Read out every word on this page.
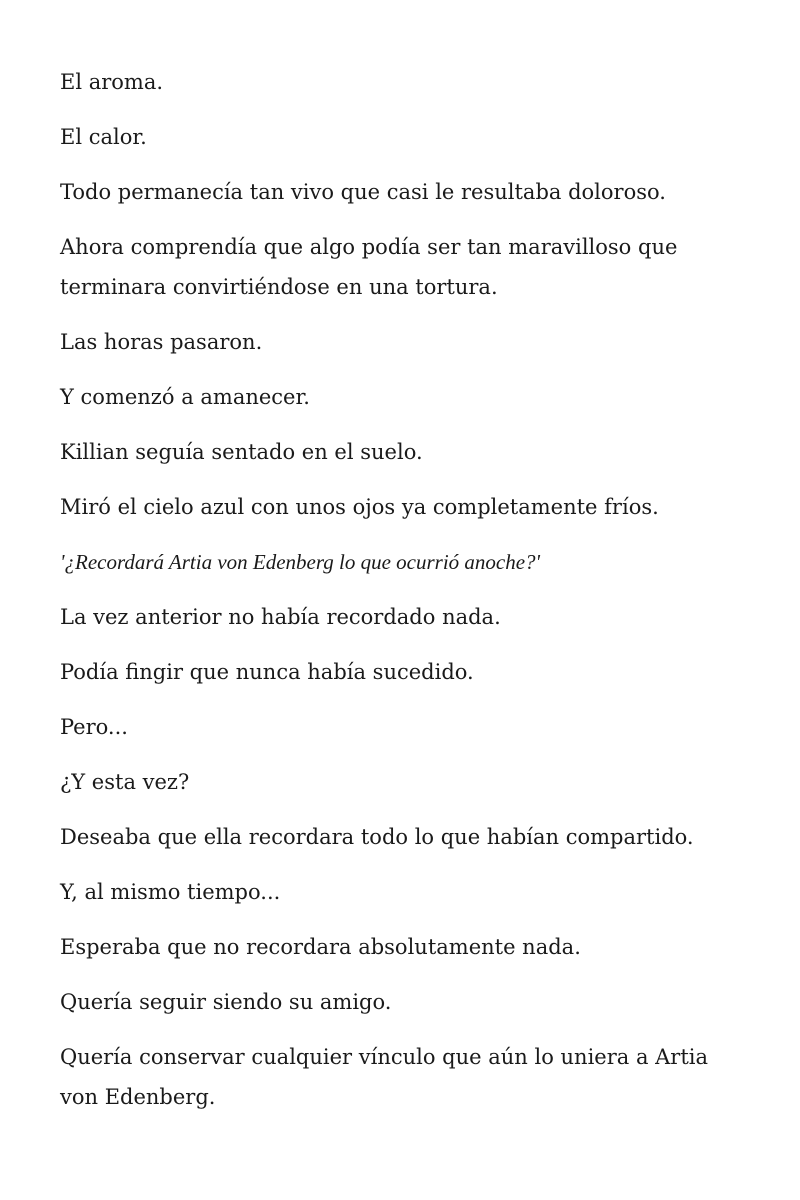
El aroma.

El calor.

Todo permanecía tan vivo que casi le resultaba doloroso.

Ahora comprendía que algo podía ser tan maravilloso que terminara convirtiéndose en una tortura.

Las horas pasaron.

Y comenzó a amanecer.

Killian seguía sentado en el suelo.

Miró el cielo azul con unos ojos ya completamente fríos.

'¿Recordará Artia von Edenberg lo que ocurrió anoche?'

La vez anterior no había recordado nada.

Podía fingir que nunca había sucedido.

Pero...

¿Y esta vez?

Deseaba que ella recordara todo lo que habían compartido.

Y, al mismo tiempo...

Esperaba que no recordara absolutamente nada.

Quería seguir siendo su amigo.

Quería conservar cualquier vínculo que aún lo uniera a Artia von Edenberg.
